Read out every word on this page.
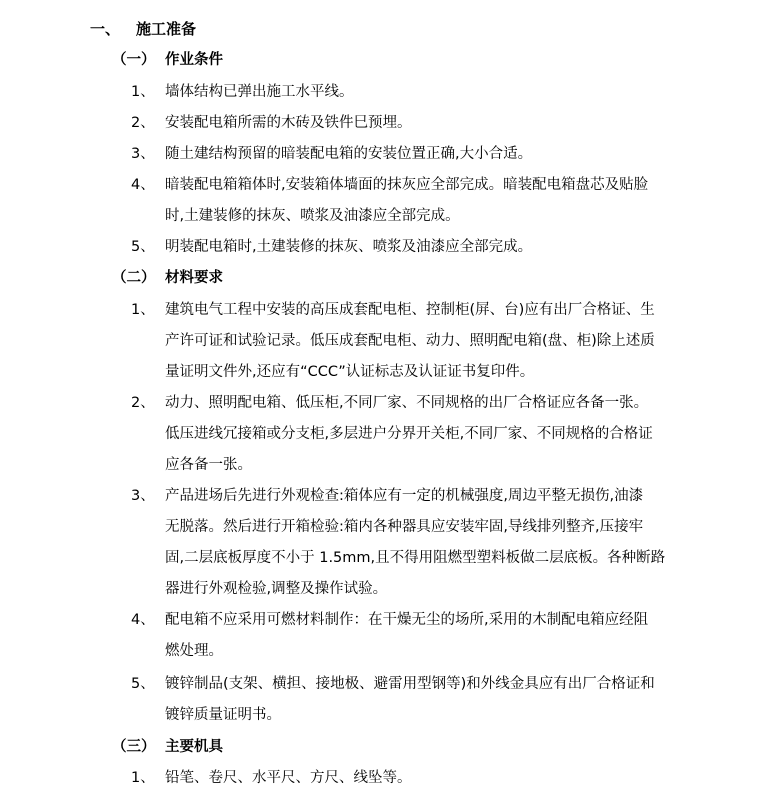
一、 施工准备
（一） 作业条件
1、 墙体结构已弹出施工水平线。
2、 安装配电箱所需的木砖及铁件巳预埋。
3、 随土建结构预留的暗装配电箱的安装位置正确,大小合适。
4、 暗装配电箱箱体时,安装箱体墙面的抹灰应全部完成。暗装配电箱盘芯及贴脸
时,土建装修的抹灰、喷浆及油漆应全部完成。
5、 明装配电箱时,土建装修的抹灰、喷浆及油漆应全部完成。
（二） 材料要求
1、 建筑电气工程中安装的高压成套配电柜、控制柜(屏、台)应有出厂合格证、生
产许可证和试验记录。低压成套配电柜、动力、照明配电箱(盘、柜)除上述质
量证明文件外,还应有“CCC”认证标志及认证证书复印件。
2、 动力、照明配电箱、低压柜,不同厂家、不同规格的出厂合格证应各备一张。
低压进线冗接箱或分支柜,多层进户分界开关柜,不同厂家、不同规格的合格证
应各备一张。
3、 产品进场后先进行外观检查:箱体应有一定的机械强度,周边平整无损伤,油漆
无脱落。然后进行开箱检验:箱内各种器具应安装牢固,导线排列整齐,压接牢
固,二层底板厚度不小于 1.5mm,且不得用阻燃型塑料板做二层底板。各种断路
器进行外观检验,调整及操作试验。
4、 配电箱不应采用可燃材料制作：在干燥无尘的场所,采用的木制配电箱应经阻
燃处理。
5、 镀锌制品(支架、横担、接地极、避雷用型钢等)和外线金具应有出厂合格证和
镀锌质量证明书。
（三） 主要机具
1、 铅笔、卷尺、水平尺、方尺、线坠等。
